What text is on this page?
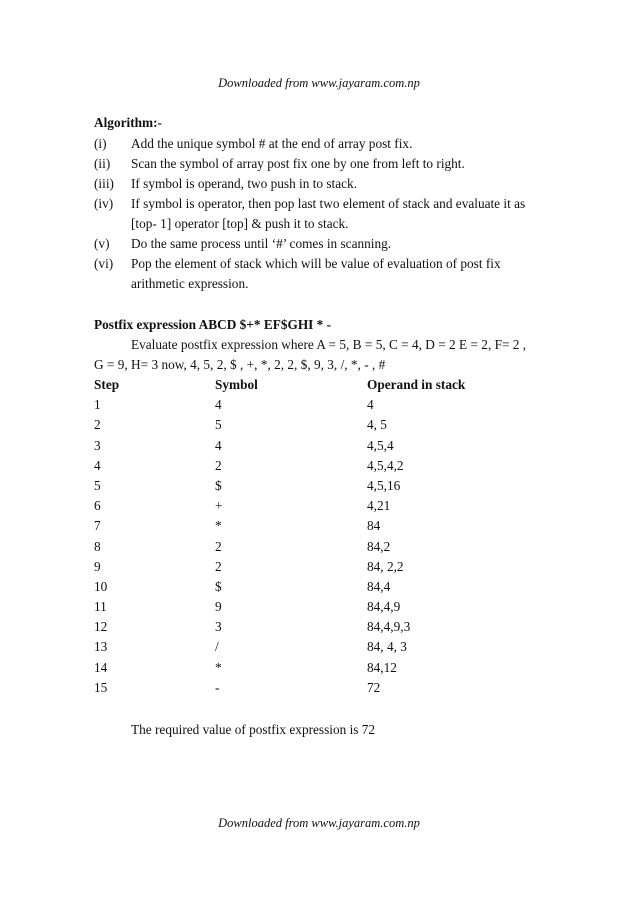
Downloaded from www.jayaram.com.np
Algorithm:-
(i)	Add the unique symbol # at the end of array post fix.
(ii)	Scan the symbol of array post fix one by one from left to right.
(iii)	If symbol is operand, two push in to stack.
(iv)	If symbol is operator, then pop last two element of stack and evaluate it as [top- 1] operator [top] & push it to stack.
(v)	Do the same process until ‘#’ comes in scanning.
(vi)	Pop the element of stack which will be value of evaluation of post fix arithmetic expression.
Postfix expression ABCD $+* EF$GHI * -
Evaluate postfix expression where A = 5, B = 5, C = 4, D = 2 E = 2, F= 2 ,
G = 9, H= 3 now, 4, 5, 2, $ , +, *, 2, 2, $, 9, 3, /, *, - , #
Step	Symbol	Operand in stack
1	4	4
2	5	4, 5
3	4	4,5,4
4	2	4,5,4,2
5	$	4,5,16
6	+	4,21
7	*	84
8	2	84,2
9	2	84, 2,2
10	$	84,4
11	9	84,4,9
12	3	84,4,9,3
13	/	84, 4, 3
14	*	84,12
15	-	72
The required value of postfix expression is 72
Downloaded from www.jayaram.com.np
